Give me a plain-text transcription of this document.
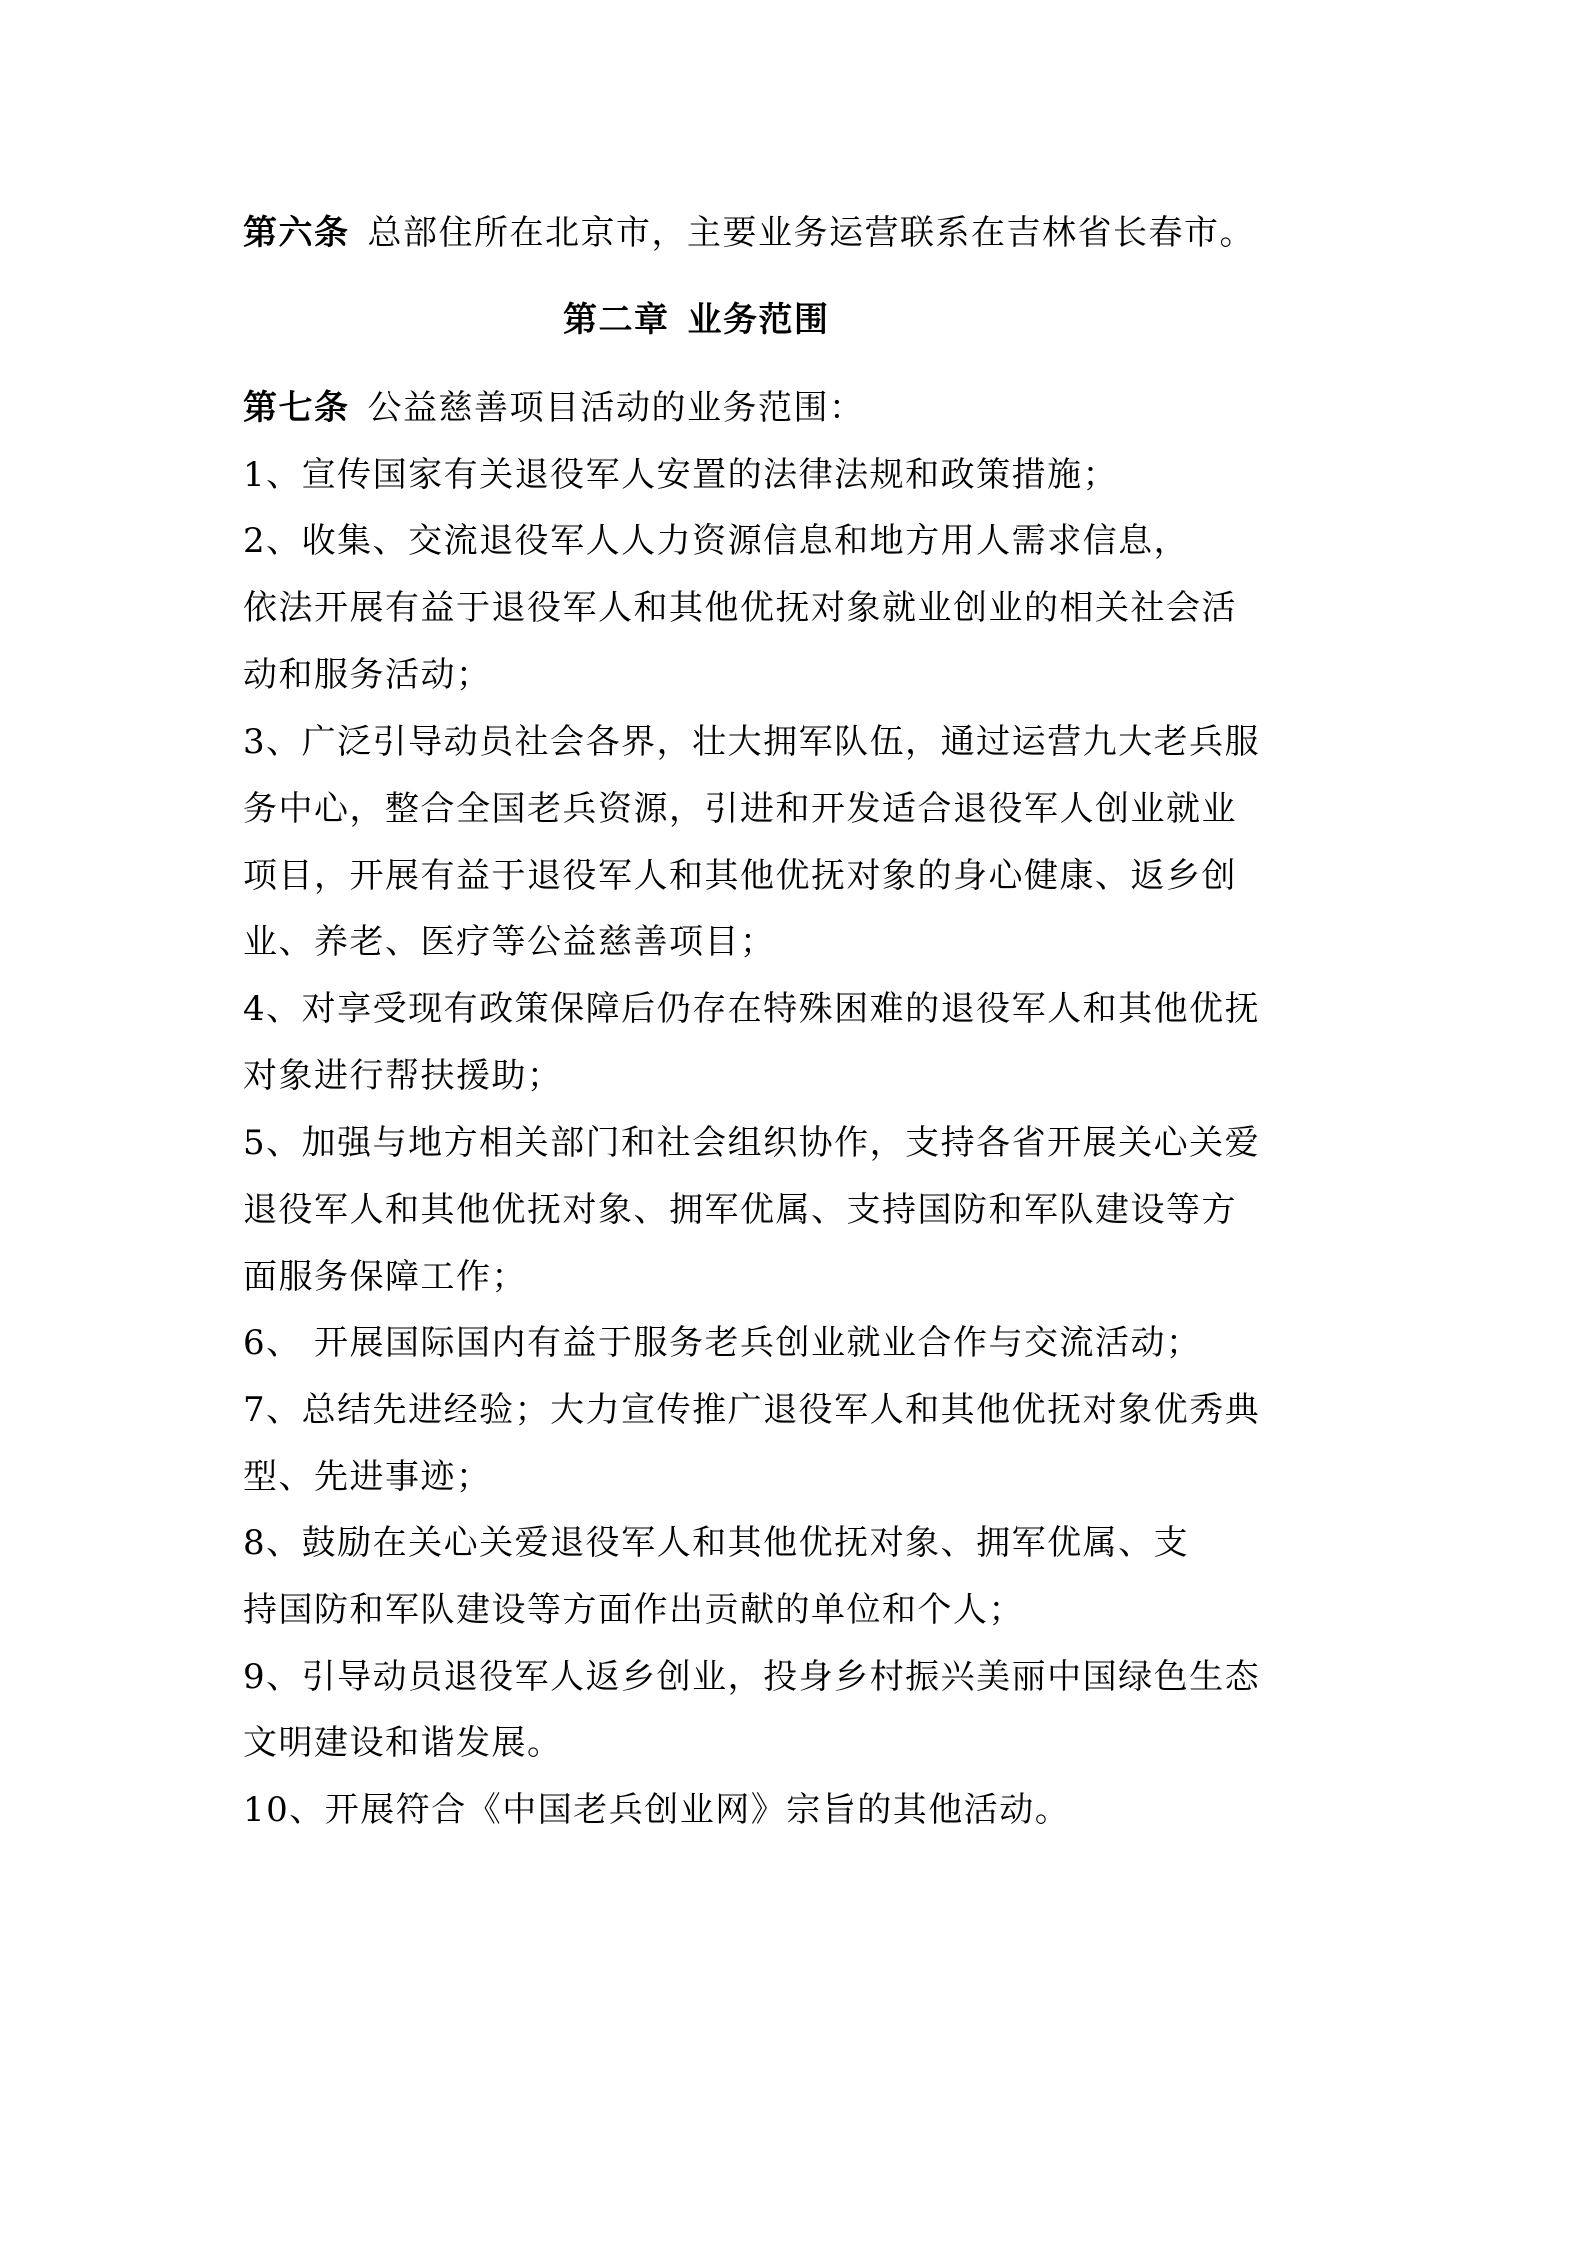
第六条 总部住所在北京市，主要业务运营联系在吉林省长春市。
第二章 业务范围
第七条 公益慈善项目活动的业务范围：
1、宣传国家有关退役军人安置的法律法规和政策措施；
2、收集、交流退役军人人力资源信息和地方用人需求信息，
依法开展有益于退役军人和其他优抚对象就业创业的相关社会活
动和服务活动；
3、广泛引导动员社会各界，壮大拥军队伍，通过运营九大老兵服
务中心，整合全国老兵资源，引进和开发适合退役军人创业就业
项目，开展有益于退役军人和其他优抚对象的身心健康、返乡创
业、养老、医疗等公益慈善项目；
4、对享受现有政策保障后仍存在特殊困难的退役军人和其他优抚
对象进行帮扶援助；
5、加强与地方相关部门和社会组织协作，支持各省开展关心关爱
退役军人和其他优抚对象、拥军优属、支持国防和军队建设等方
面服务保障工作；
6、 开展国际国内有益于服务老兵创业就业合作与交流活动；
7、总结先进经验；大力宣传推广退役军人和其他优抚对象优秀典
型、先进事迹；
8、鼓励在关心关爱退役军人和其他优抚对象、拥军优属、支
持国防和军队建设等方面作出贡献的单位和个人；
9、引导动员退役军人返乡创业，投身乡村振兴美丽中国绿色生态
文明建设和谐发展。
10、开展符合《中国老兵创业网》宗旨的其他活动。
